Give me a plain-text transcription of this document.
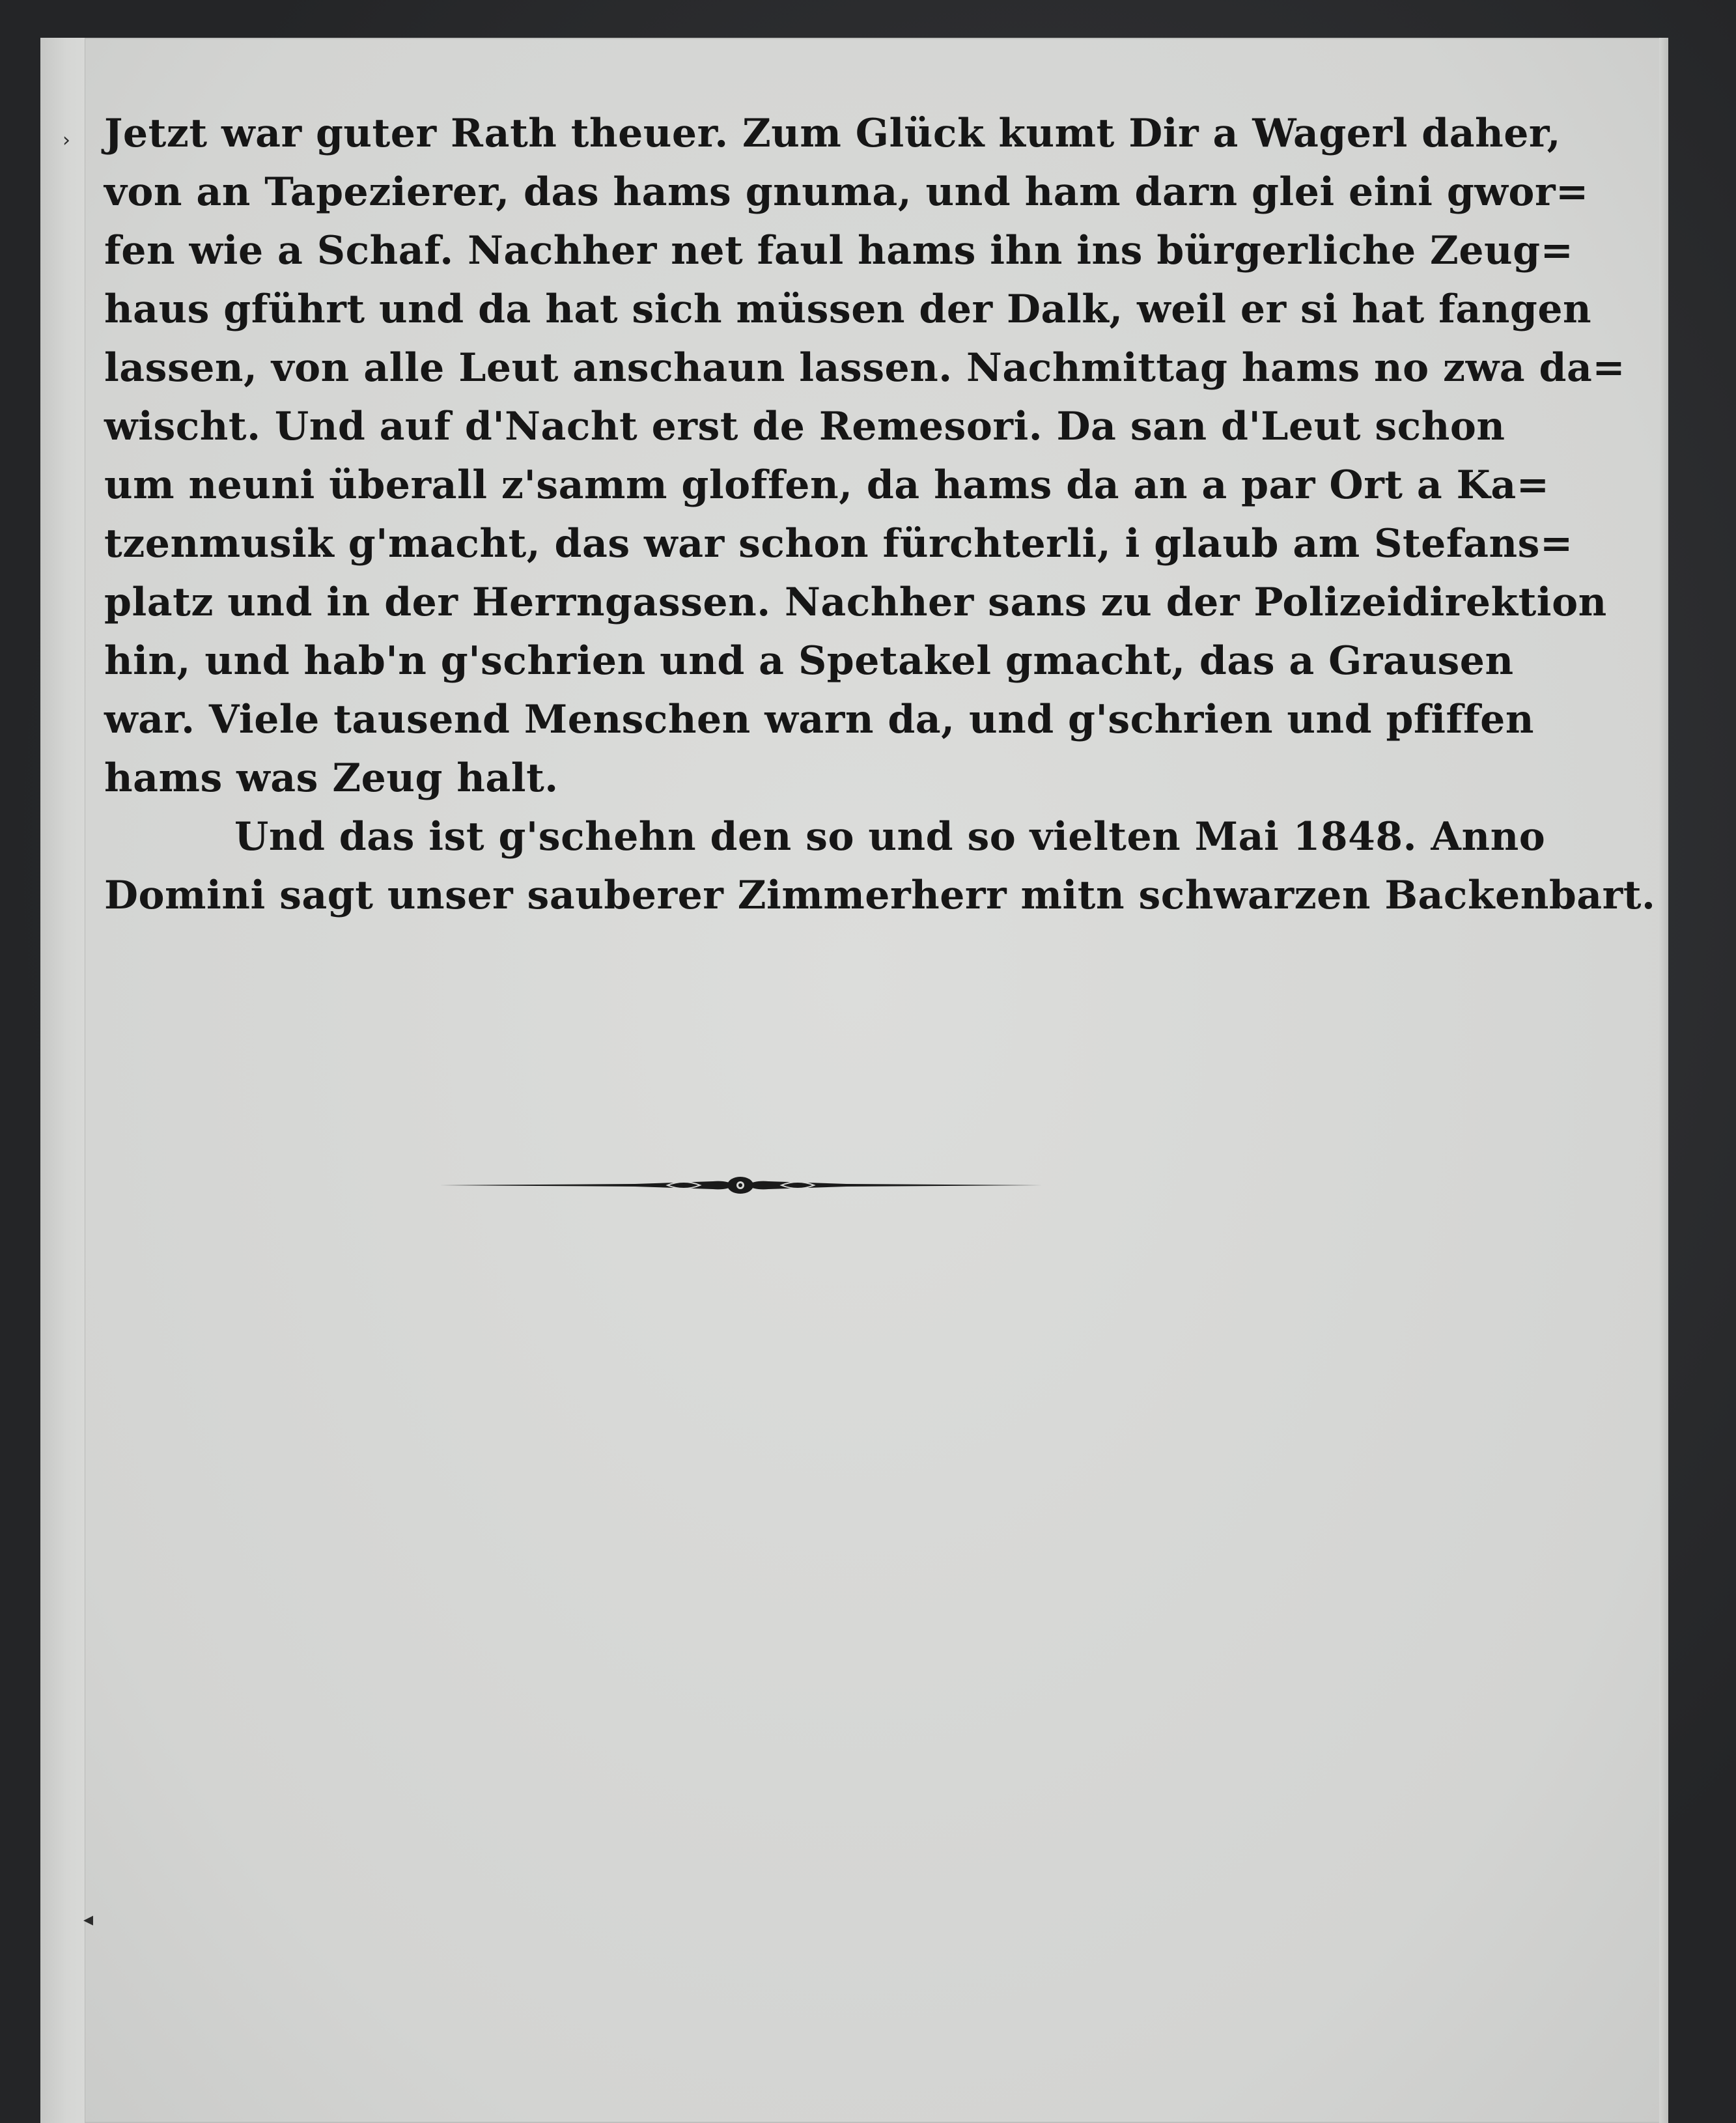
›
◂
Jetzt war guter Rath theuer. Zum Glück kumt Dir a Wagerl daher,
von an Tapezierer, das hams gnuma, und ham darn glei eini gwor=
fen wie a Schaf. Nachher net faul hams ihn ins bürgerliche Zeug=
haus gführt und da hat sich müssen der Dalk, weil er si hat fangen
lassen, von alle Leut anschaun lassen. Nachmittag hams no zwa da=
wischt. Und auf d'Nacht erst de Remesori. Da san d'Leut schon
um neuni überall z'samm gloffen, da hams da an a par Ort a Ka=
tzenmusik g'macht, das war schon fürchterli, i glaub am Stefans=
platz und in der Herrngassen. Nachher sans zu der Polizeidirektion
hin, und hab'n g'schrien und a Spetakel gmacht, das a Grausen
war. Viele tausend Menschen warn da, und g'schrien und pfiffen
hams was Zeug halt.
Und das ist g'schehn den so und so vielten Mai 1848. Anno
Domini sagt unser sauberer Zimmerherr mitn schwarzen Backenbart.
